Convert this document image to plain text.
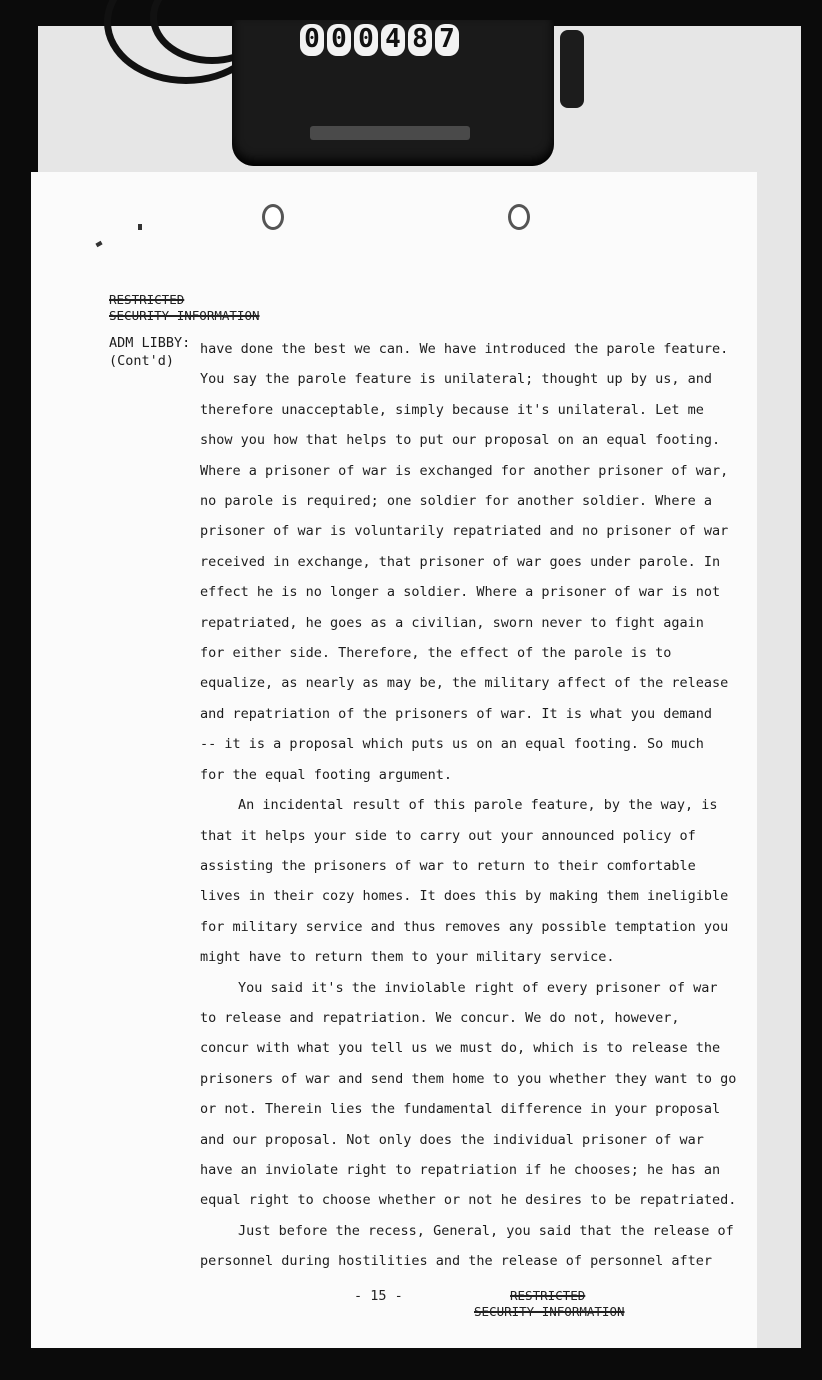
0 0 0 4 8 7
RESTRICTED
SECURITY INFORMATION
ADM LIBBY:
(Cont'd)
have done the best we can. We have introduced the parole feature.
You say the parole feature is unilateral; thought up by us, and
therefore unacceptable, simply because it's unilateral. Let me
show you how that helps to put our proposal on an equal footing.
Where a prisoner of war is exchanged for another prisoner of war,
no parole is required; one soldier for another soldier. Where a
prisoner of war is voluntarily repatriated and no prisoner of war
received in exchange, that prisoner of war goes under parole. In
effect he is no longer a soldier. Where a prisoner of war is not
repatriated, he goes as a civilian, sworn never to fight again
for either side. Therefore, the effect of the parole is to
equalize, as nearly as may be, the military affect of the release
and repatriation of the prisoners of war. It is what you demand
-- it is a proposal which puts us on an equal footing. So much
for the equal footing argument.
An incidental result of this parole feature, by the way, is
that it helps your side to carry out your announced policy of
assisting the prisoners of war to return to their comfortable
lives in their cozy homes. It does this by making them ineligible
for military service and thus removes any possible temptation you
might have to return them to your military service.
You said it's the inviolable right of every prisoner of war
to release and repatriation. We concur. We do not, however,
concur with what you tell us we must do, which is to release the
prisoners of war and send them home to you whether they want to go
or not. Therein lies the fundamental difference in your proposal
and our proposal. Not only does the individual prisoner of war
have an inviolate right to repatriation if he chooses; he has an
equal right to choose whether or not he desires to be repatriated.
Just before the recess, General, you said that the release of
personnel during hostilities and the release of personnel after
- 15 -	RESTRICTED
SECURITY INFORMATION
